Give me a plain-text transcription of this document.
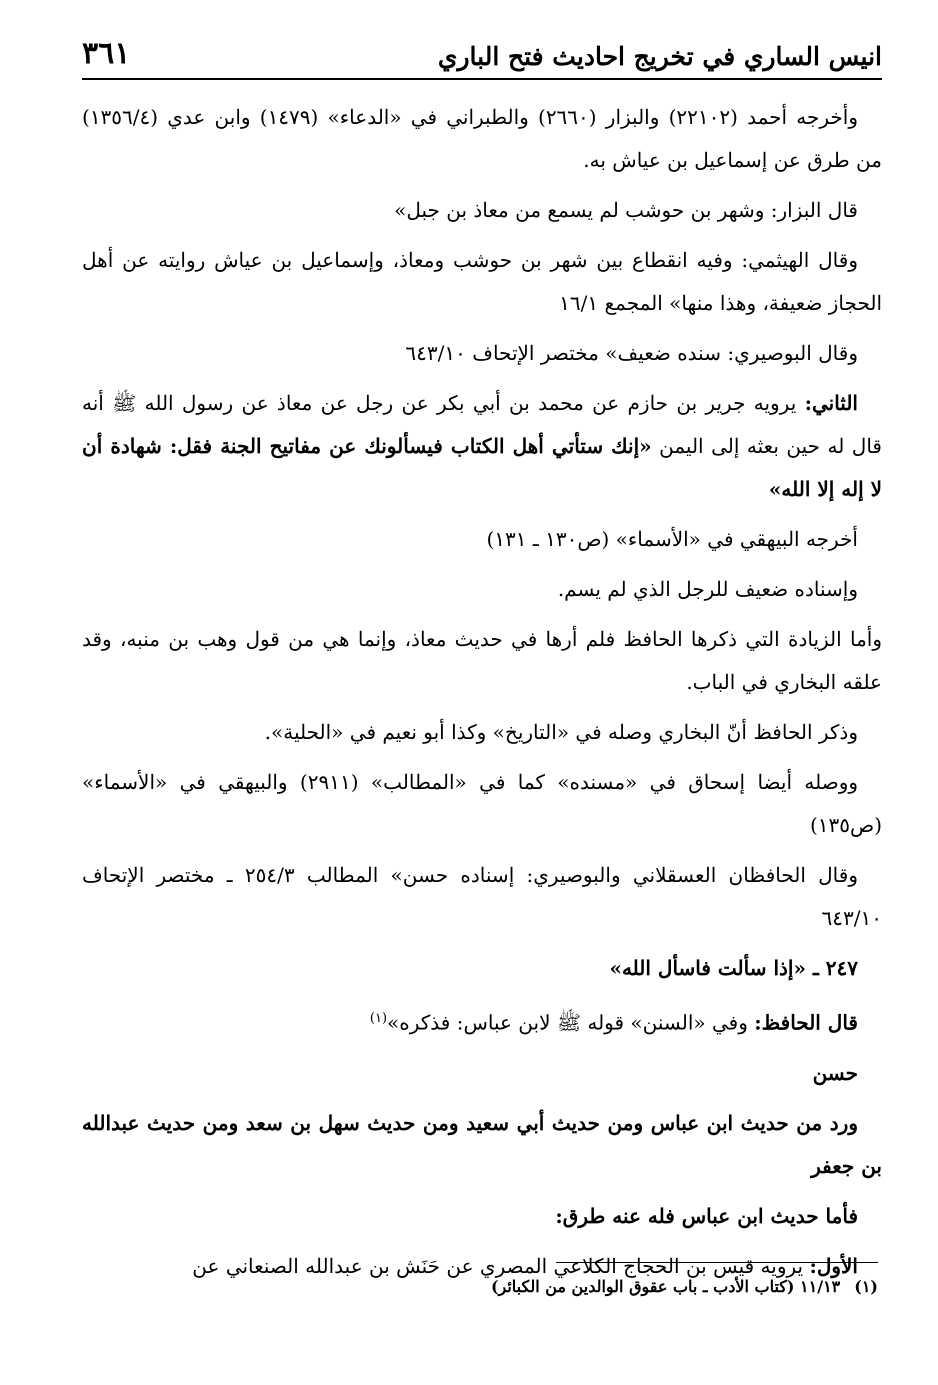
انيس الساري في تخريج احاديث فتح الباري
٣٦١

وأخرجه أحمد (٢٢١٠٢) والبزار (٢٦٦٠) والطبراني في «الدعاء» (١٤٧٩) وابن عدي (١٣٥٦/٤) من طرق عن إسماعيل بن عياش به.

قال البزار: وشهر بن حوشب لم يسمع من معاذ بن جبل»

وقال الهيثمي: وفيه انقطاع بين شهر بن حوشب ومعاذ، وإسماعيل بن عياش روايته عن أهل الحجاز ضعيفة، وهذا منها» المجمع ١٦/١

وقال البوصيري: سنده ضعيف» مختصر الإتحاف ٦٤٣/١٠

الثاني: يرويه جرير بن حازم عن محمد بن أبي بكر عن رجل عن معاذ عن رسول الله ﷺ أنه قال له حين بعثه إلى اليمن «إنك ستأتي أهل الكتاب فيسألونك عن مفاتيح الجنة فقل: شهادة أن لا إله إلا الله»

أخرجه البيهقي في «الأسماء» (ص١٣٠ ـ ١٣١)

وإسناده ضعيف للرجل الذي لم يسم.

وأما الزيادة التي ذكرها الحافظ فلم أرها في حديث معاذ، وإنما هي من قول وهب بن منبه، وقد علقه البخاري في الباب.

وذكر الحافظ أنّ البخاري وصله في «التاريخ» وكذا أبو نعيم في «الحلية».

ووصله أيضا إسحاق في «مسنده» كما في «المطالب» (٢٩١١) والبيهقي في «الأسماء» (ص١٣٥)

وقال الحافظان العسقلاني والبوصيري: إسناده حسن» المطالب ٢٥٤/٣ ـ مختصر الإتحاف ٦٤٣/١٠

٢٤٧ ـ «إذا سألت فاسأل الله»

قال الحافظ: وفي «السنن» قوله ﷺ لابن عباس: فذكره»$^{(١)}$

حسن

ورد من حديث ابن عباس ومن حديث أبي سعيد ومن حديث سهل بن سعد ومن حديث عبدالله بن جعفر

فأما حديث ابن عباس فله عنه طرق:

الأول: يرويه قيس بن الحجاج الكلاعي المصري عن حَنَش بن عبدالله الصنعاني عن

(١)١١/١٣ (كتاب الأدب ـ باب عقوق الوالدين من الكبائر)
